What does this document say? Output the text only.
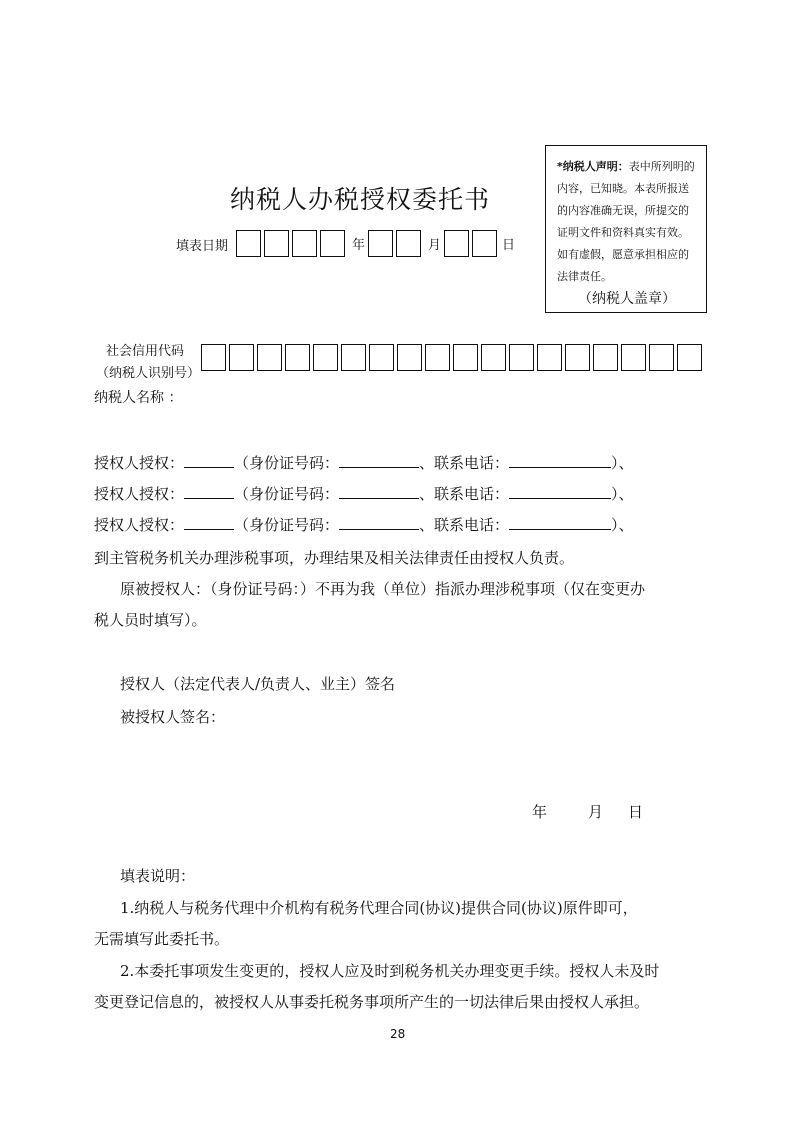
纳税人办税授权委托书
*纳税人声明：表中所列明的内容，已知晓。本表所报送的内容准确无误，所提交的证明文件和资料真实有效。如有虚假，愿意承担相应的法律责任。
（纳税人盖章）
填表日期	年	月	日
社会信用代码
（纳税人识别号）
纳税人名称 ：
授权人授权：	（身份证号码：	、联系电话：	）、
授权人授权：	（身份证号码：	、联系电话：	）、
授权人授权：	（身份证号码：	、联系电话：	）、
到主管税务机关办理涉税事项，办理结果及相关法律责任由授权人负责。
原被授权人：（身份证号码：）不再为我（单位）指派办理涉税事项（仅在变更办
税人员时填写）。
授权人（法定代表人/负责人、业主）签名
被授权人签名：
年	月 日
填表说明：
1.纳税人与税务代理中介机构有税务代理合同(协议)提供合同(协议)原件即可，
无需填写此委托书。
2.本委托事项发生变更的，授权人应及时到税务机关办理变更手续。授权人未及时
变更登记信息的，被授权人从事委托税务事项所产生的一切法律后果由授权人承担。
28
